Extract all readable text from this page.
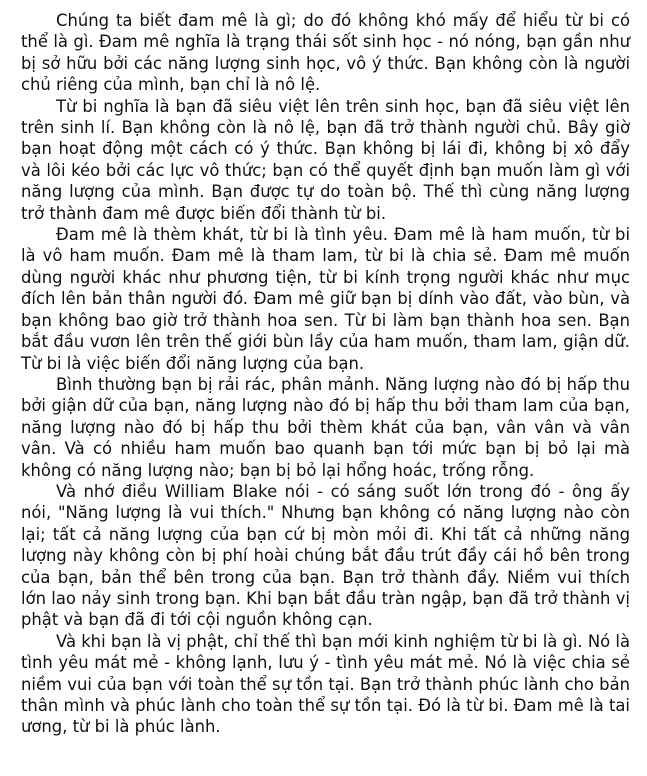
Chúng ta biết đam mê là gì; do đó không khó mấy để hiểu từ bi có thể là gì. Đam mê nghĩa là trạng thái sốt sinh học - nó nóng, bạn gần như bị sở hữu bởi các năng lượng sinh học, vô ý thức. Bạn không còn là người chủ riêng của mình, bạn chỉ là nô lệ.

Từ bi nghĩa là bạn đã siêu việt lên trên sinh học, bạn đã siêu việt lên trên sinh lí. Bạn không còn là nô lệ, bạn đã trở thành người chủ. Bây giờ bạn hoạt động một cách có ý thức. Bạn không bị lái đi, không bị xô đẩy và lôi kéo bởi các lực vô thức; bạn có thể quyết định bạn muốn làm gì với năng lượng của mình. Bạn được tự do toàn bộ. Thế thì cùng năng lượng trở thành đam mê được biến đổi thành từ bi.

Đam mê là thèm khát, từ bi là tình yêu. Đam mê là ham muốn, từ bi là vô ham muốn. Đam mê là tham lam, từ bi là chia sẻ. Đam mê muốn dùng người khác như phương tiện, từ bi kính trọng người khác như mục đích lên bản thân người đó. Đam mê giữ bạn bị dính vào đất, vào bùn, và bạn không bao giờ trở thành hoa sen. Từ bi làm bạn thành hoa sen. Bạn bắt đầu vươn lên trên thế giới bùn lầy của ham muốn, tham lam, giận dữ. Từ bi là việc biến đổi năng lượng của bạn.

Bình thường bạn bị rải rác, phân mảnh. Năng lượng nào đó bị hấp thu bởi giận dữ của bạn, năng lượng nào đó bị hấp thu bởi tham lam của bạn, năng lượng nào đó bị hấp thu bởi thèm khát của bạn, vân vân và vân vân. Và có nhiều ham muốn bao quanh bạn tới mức bạn bị bỏ lại mà không có năng lượng nào; bạn bị bỏ lại hổng hoác, trống rỗng.

Và nhớ điều William Blake nói - có sáng suốt lớn trong đó - ông ấy nói, "Năng lượng là vui thích." Nhưng bạn không có năng lượng nào còn lại; tất cả năng lượng của bạn cứ bị mòn mỏi đi. Khi tất cả những năng lượng này không còn bị phí hoài chúng bắt đầu trút đầy cái hồ bên trong của bạn, bản thể bên trong của bạn. Bạn trở thành đầy. Niềm vui thích lớn lao nảy sinh trong bạn. Khi bạn bắt đầu tràn ngập, bạn đã trở thành vị phật và bạn đã đi tới cội nguồn không cạn.

Và khi bạn là vị phật, chỉ thế thì bạn mới kinh nghiệm từ bi là gì. Nó là tình yêu mát mẻ - không lạnh, lưu ý - tình yêu mát mẻ. Nó là việc chia sẻ niềm vui của bạn với toàn thể sự tồn tại. Bạn trở thành phúc lành cho bản thân mình và phúc lành cho toàn thể sự tồn tại. Đó là từ bi. Đam mê là tai ương, từ bi là phúc lành.
